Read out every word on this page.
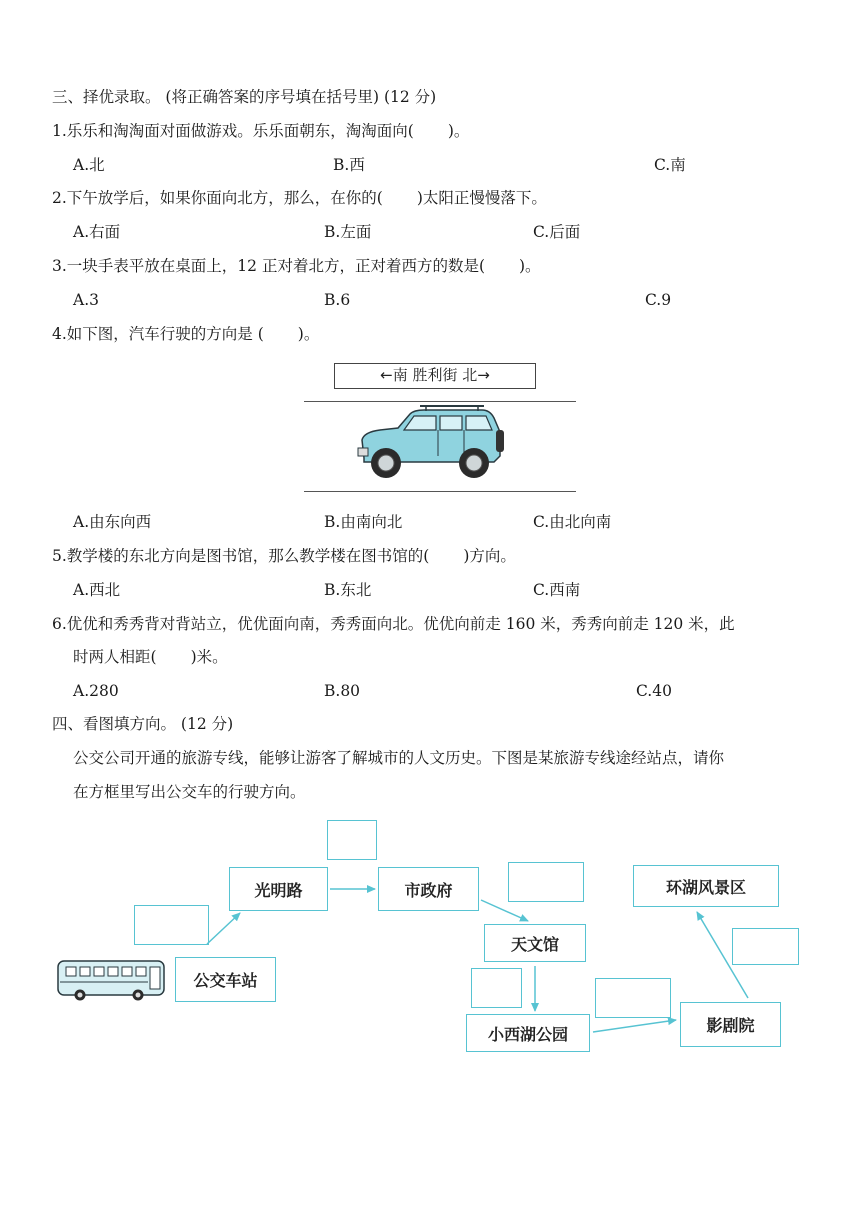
三、择优录取。 (将正确答案的序号填在括号里) (12 分)
1.乐乐和淘淘面对面做游戏。乐乐面朝东，淘淘面向( )。
A.北	B.西	C.南
2.下午放学后，如果你面向北方，那么，在你的( )太阳正慢慢落下。
A.右面	B.左面	C.后面
3.一块手表平放在桌面上，12 正对着北方，正对着西方的数是( )。
A.3	B.6	C.9
4.如下图，汽车行驶的方向是 ( )。
←南 胜利街 北→
A.由东向西	B.由南向北	C.由北向南
5.教学楼的东北方向是图书馆，那么教学楼在图书馆的( )方向。
A.西北	B.东北	C.西南
6.优优和秀秀背对背站立，优优面向南，秀秀面向北。优优向前走 160 米，秀秀向前走 120 米，此
时两人相距( )米。
A.280	B.80	C.40
四、看图填方向。 (12 分)
公交公司开通的旅游专线，能够让游客了解城市的人文历史。下图是某旅游专线途经站点，请你
在方框里写出公交车的行驶方向。
公交车站
光明路	市政府
天文馆
小西湖公园	影剧院
环湖风景区
